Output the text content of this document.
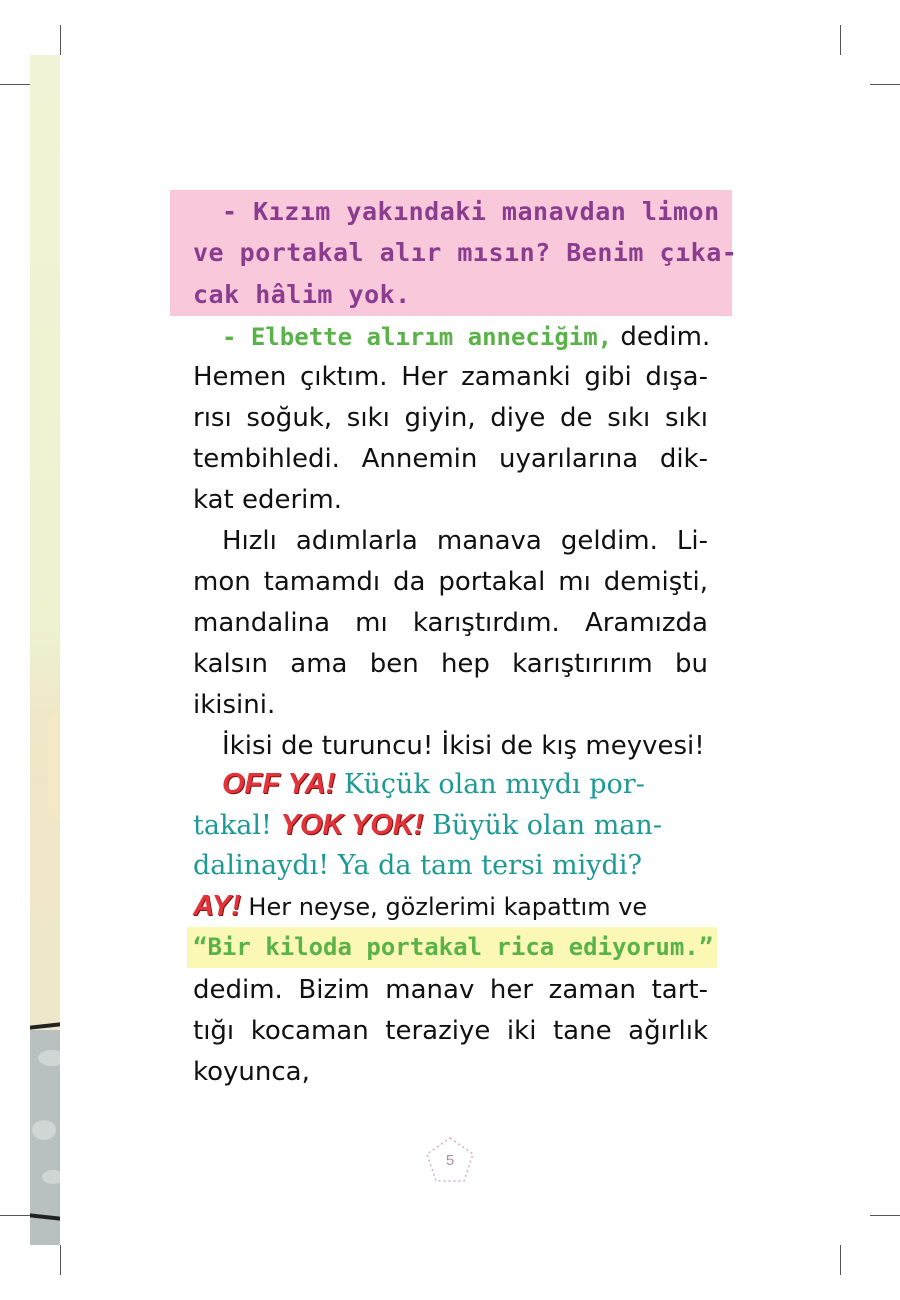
- Kızım yakındaki manavdan limon
ve portakal alır mısın? Benim çıka-
cak hâlim yok.
- Elbette alırım anneciğim, dedim.
Hemen çıktım. Her zamanki gibi dışa-
rısı soğuk, sıkı giyin, diye de sıkı sıkı
tembihledi. Annemin uyarılarına dik-
kat ederim.
Hızlı adımlarla manava geldim. Li-
mon tamamdı da portakal mı demişti,
mandalina mı karıştırdım. Aramızda
kalsın ama ben hep karıştırırım bu
ikisini.
İkisi de turuncu! İkisi de kış meyvesi!
OFF YA! Küçük olan mıydı por-
takal! YOK YOK! Büyük olan man-
dalinaydı! Ya da tam tersi miydi?
AY! Her neyse, gözlerimi kapattım ve
“Bir kiloda portakal rica ediyorum.”
dedim. Bizim manav her zaman tart-
tığı kocaman teraziye iki tane ağırlık
koyunca,
5
